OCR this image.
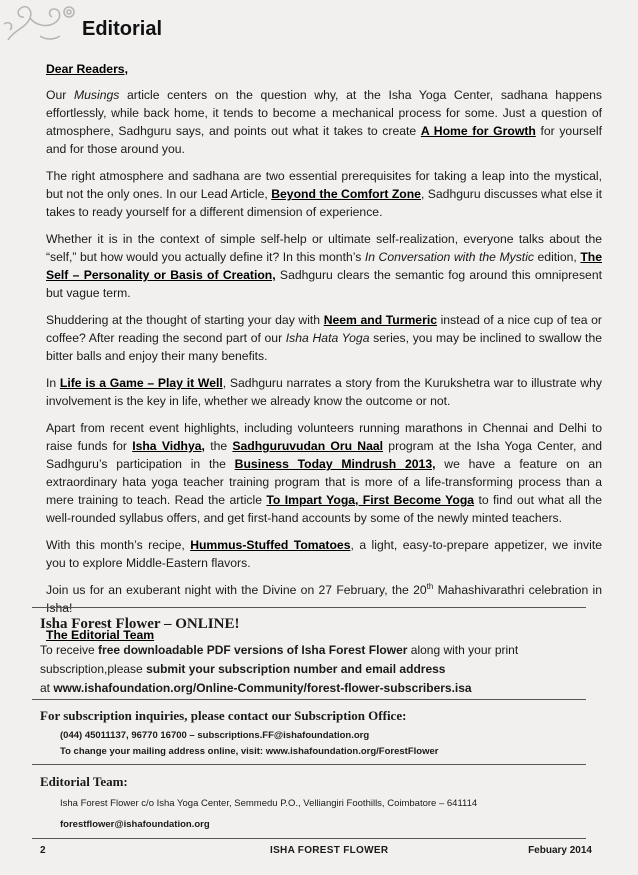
Editorial

Dear Readers,

Our Musings article centers on the question why, at the Isha Yoga Center, sadhana happens effortlessly, while back home, it tends to become a mechanical process for some. Just a question of atmosphere, Sadhguru says, and points out what it takes to create A Home for Growth for yourself and for those around you.

The right atmosphere and sadhana are two essential prerequisites for taking a leap into the mystical, but not the only ones. In our Lead Article, Beyond the Comfort Zone, Sadhguru discusses what else it takes to ready yourself for a different dimension of experience.

Whether it is in the context of simple self-help or ultimate self-realization, everyone talks about the “self,” but how would you actually define it? In this month’s In Conversation with the Mystic edition, The Self – Personality or Basis of Creation, Sadhguru clears the semantic fog around this omnipresent but vague term.

Shuddering at the thought of starting your day with Neem and Turmeric instead of a nice cup of tea or coffee? After reading the second part of our Isha Hata Yoga series, you may be inclined to swallow the bitter balls and enjoy their many benefits.

In Life is a Game – Play it Well, Sadhguru narrates a story from the Kurukshetra war to illustrate why involvement is the key in life, whether we already know the outcome or not.

Apart from recent event highlights, including volunteers running marathons in Chennai and Delhi to raise funds for Isha Vidhya, the Sadhguruvudan Oru Naal program at the Isha Yoga Center, and Sadhguru’s participation in the Business Today Mindrush 2013, we have a feature on an extraordinary hata yoga teacher training program that is more of a life-transforming process than a mere training to teach. Read the article To Impart Yoga, First Become Yoga to find out what all the well-rounded syllabus offers, and get first-hand accounts by some of the newly minted teachers.

With this month’s recipe, Hummus-Stuffed Tomatoes, a light, easy-to-prepare appetizer, we invite you to explore Middle-Eastern flavors.

Join us for an exuberant night with the Divine on 27 February, the 20th Mahashivarathri celebration in Isha!

The Editorial Team

Isha Forest Flower – ONLINE!
To receive free downloadable PDF versions of Isha Forest Flower along with your print
subscription,please submit your subscription number and email address
at www.ishafoundation.org/Online-Community/forest-flower-subscribers.isa
For subscription inquiries, please contact our Subscription Office:
(044) 45011137, 96770 16700 – subscriptions.FF@ishafoundation.org
To change your mailing address online, visit: www.ishafoundation.org/ForestFlower
Editorial Team:
Isha Forest Flower c/o Isha Yoga Center, Semmedu P.O., Velliangiri Foothills, Coimbatore – 641114
forestflower@ishafoundation.org
2	ISHA FOREST FLOWER	Febuary 2014
